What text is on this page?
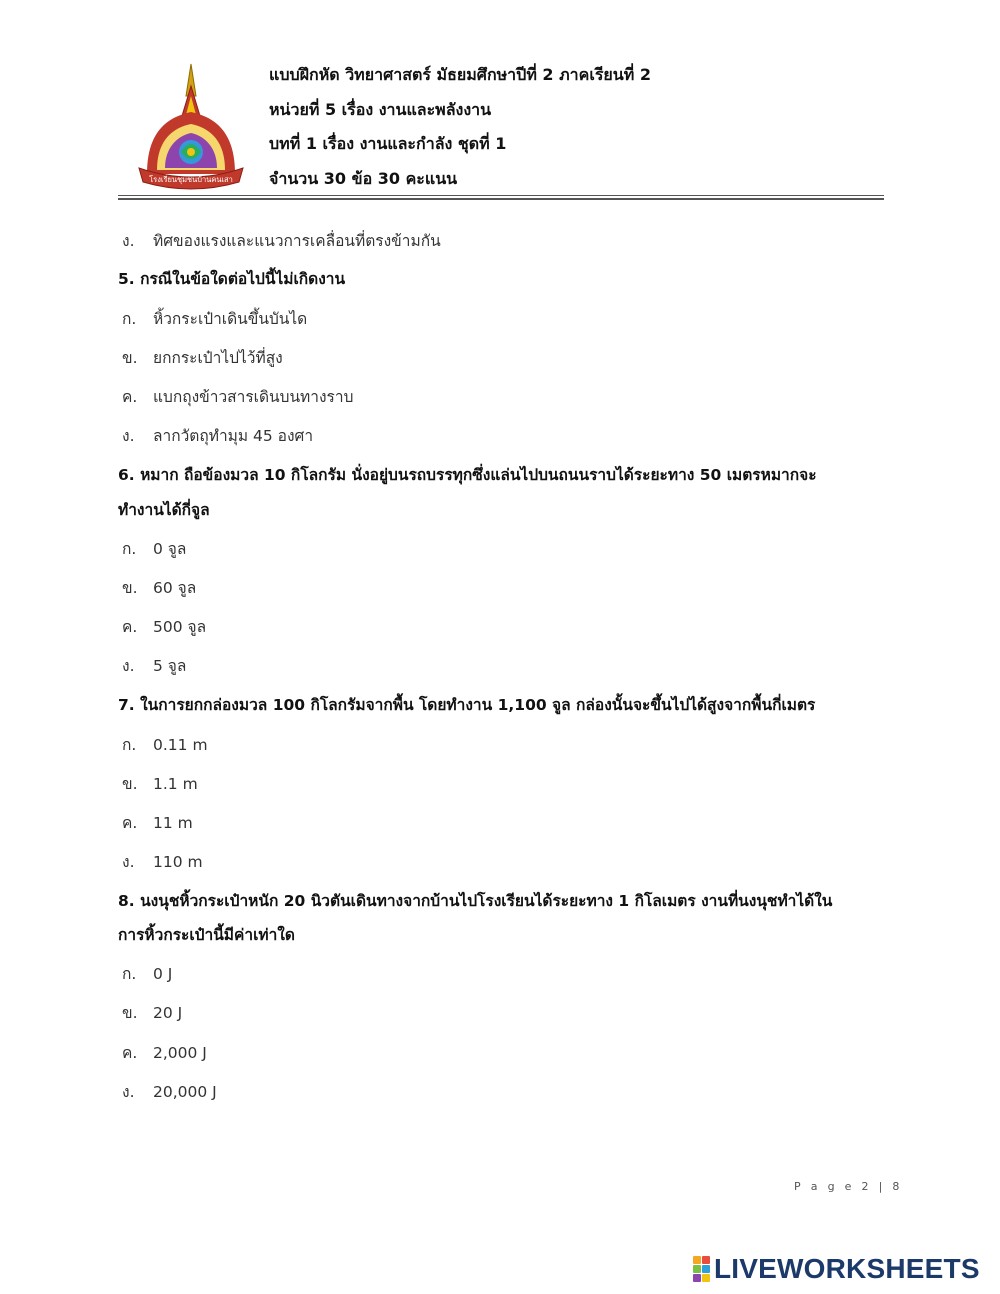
โรงเรียนชุมชนบ้านคนเสา
แบบฝึกหัด วิทยาศาสตร์ มัธยมศึกษาปีที่ 2 ภาคเรียนที่ 2
หน่วยที่ 5 เรื่อง งานและพลังงาน
บทที่ 1 เรื่อง งานและกำลัง ชุดที่ 1
จำนวน 30 ข้อ 30 คะแนน
ง. ทิศของแรงและแนวการเคลื่อนที่ตรงข้ามกัน
5. กรณีในข้อใดต่อไปนี้ไม่เกิดงาน
ก. หิ้วกระเป๋าเดินขึ้นบันได
ข. ยกกระเป๋าไปไว้ที่สูง
ค. แบกถุงข้าวสารเดินบนทางราบ
ง. ลากวัตถุทำมุม 45 องศา
6. หมาก ถือข้องมวล 10 กิโลกรัม นั่งอยู่บนรถบรรทุกซึ่งแล่นไปบนถนนราบได้ระยะทาง 50 เมตรหมากจะ
ทำงานได้กี่จูล
ก. 0 จูล
ข. 60 จูล
ค. 500 จูล
ง. 5 จูล
7. ในการยกกล่องมวล 100 กิโลกรัมจากพื้น โดยทำงาน 1,100 จูล กล่องนั้นจะขึ้นไปได้สูงจากพื้นกี่เมตร
ก. 0.11 m
ข. 1.1 m
ค. 11 m
ง. 110 m
8. นงนุชหิ้วกระเป๋าหนัก 20 นิวตันเดินทางจากบ้านไปโรงเรียนได้ระยะทาง 1 กิโลเมตร งานที่นงนุชทำได้ใน
การหิ้วกระเป๋านี้มีค่าเท่าใด
ก. 0 J
ข. 20 J
ค. 2,000 J
ง. 20,000 J
P a g e 2 | 8
LIVEWORKSHEETS
